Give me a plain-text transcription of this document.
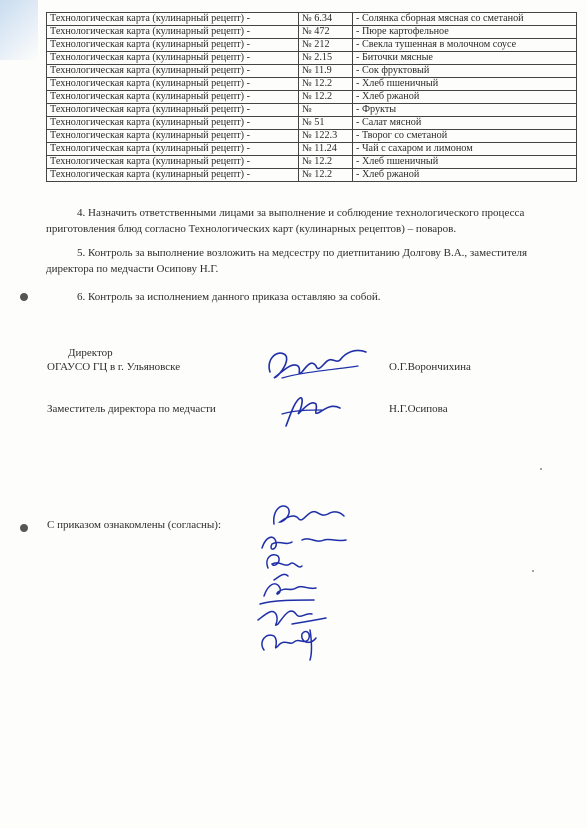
Технологическая карта (кулинарный рецепт) -	№ 6.34	- Солянка сборная мясная со сметаной
Технологическая карта (кулинарный рецепт) -	№ 472	- Пюре картофельное
Технологическая карта (кулинарный рецепт) -	№ 212	- Свекла тушенная в молочном соусе
Технологическая карта (кулинарный рецепт) -	№ 2.15	- Биточки мясные
Технологическая карта (кулинарный рецепт) -	№ 11.9	- Сок фруктовый
Технологическая карта (кулинарный рецепт) -	№ 12.2	- Хлеб пшеничный
Технологическая карта (кулинарный рецепт) -	№ 12.2	- Хлеб ржаной
Технологическая карта (кулинарный рецепт) -	№	- Фрукты
Технологическая карта (кулинарный рецепт) -	№ 51	- Салат мясной
Технологическая карта (кулинарный рецепт) -	№ 122.3	- Творог со сметаной
Технологическая карта (кулинарный рецепт) -	№ 11.24	- Чай с сахаром и лимоном
Технологическая карта (кулинарный рецепт) -	№ 12.2	- Хлеб пшеничный
Технологическая карта (кулинарный рецепт) -	№ 12.2	- Хлеб ржаной
4. Назначить ответственными лицами за выполнение и соблюдение технологического процесса приготовления блюд согласно Технологических карт (кулинарных рецептов) – поваров.
5. Контроль за выполнение возложить на медсестру по диетпитанию Долгову В.А., заместителя директора по медчасти Осипову Н.Г.
6. Контроль за исполнением данного приказа оставляю за собой.
Директор
ОГАУСО ГЦ в г. Ульяновске	О.Г.Ворончихина
Заместитель директора по медчасти	Н.Г.Осипова
С приказом ознакомлены (согласны):
